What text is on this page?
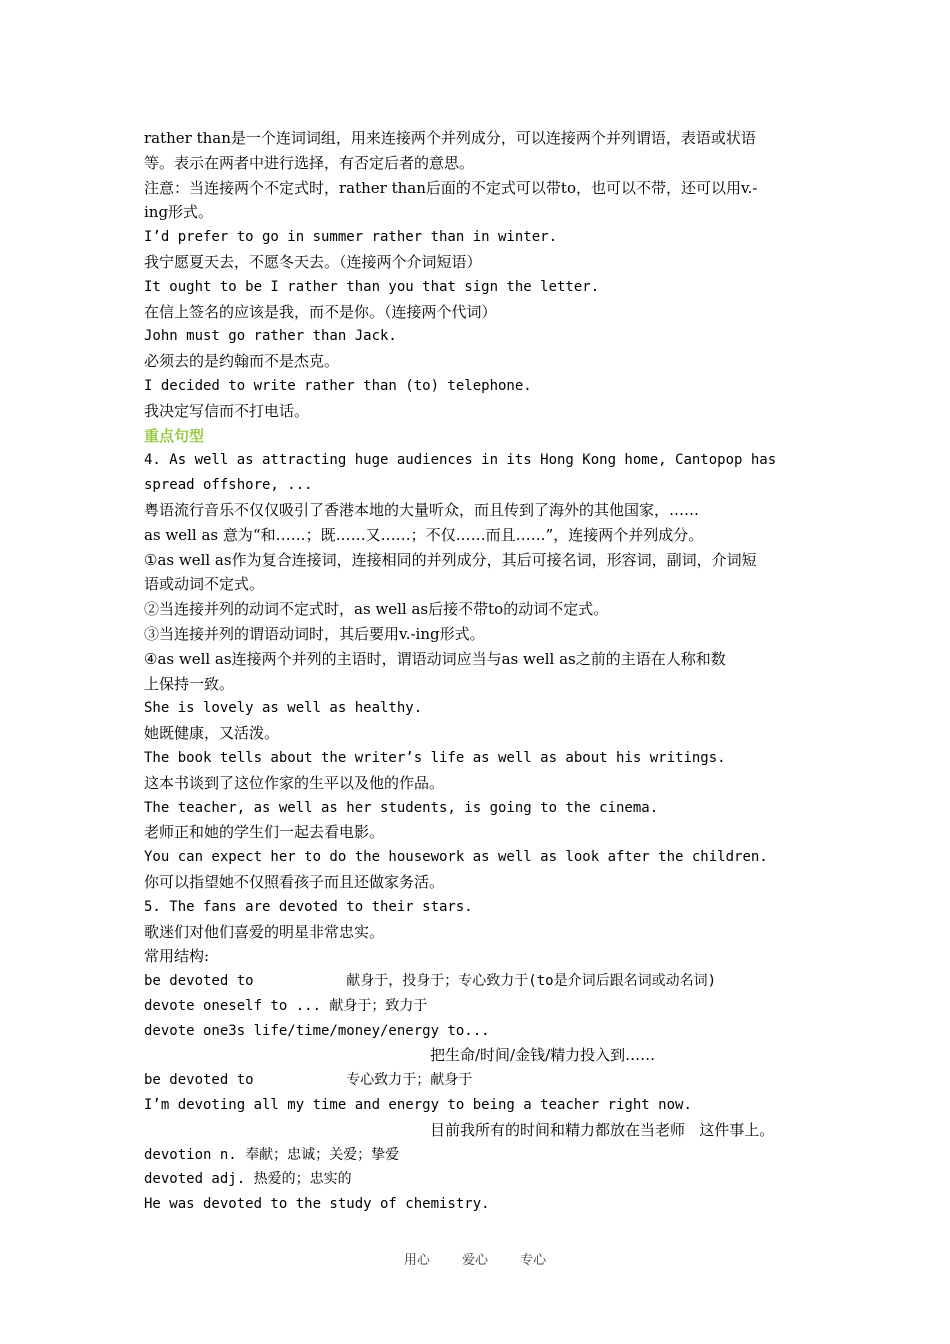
rather than是一个连词词组，用来连接两个并列成分，可以连接两个并列谓语，表语或状语
等。表示在两者中进行选择，有否定后者的意思。
注意：当连接两个不定式时，rather than后面的不定式可以带to，也可以不带，还可以用v.-
ing形式。
I’d prefer to go in summer rather than in winter.
我宁愿夏天去，不愿冬天去。（连接两个介词短语）
It ought to be I rather than you that sign the letter.
在信上签名的应该是我，而不是你。（连接两个代词）
John must go rather than Jack.
必须去的是约翰而不是杰克。
I decided to write rather than (to) telephone.
我决定写信而不打电话。
重点句型
4. As well as attracting huge audiences in its Hong Kong home, Cantopop has
spread offshore, ...
粤语流行音乐不仅仅吸引了香港本地的大量听众，而且传到了海外的其他国家，……
as well as 意为“和……；既……又……；不仅……而且……”，连接两个并列成分。
①as well as作为复合连接词，连接相同的并列成分，其后可接名词，形容词，副词，介词短
语或动词不定式。
②当连接并列的动词不定式时，as well as后接不带to的动词不定式。
③当连接并列的谓语动词时，其后要用v.-ing形式。
④as well as连接两个并列的主语时，谓语动词应当与as well as之前的主语在人称和数
上保持一致。
She is lovely as well as healthy.
她既健康，又活泼。
The book tells about the writer’s life as well as about his writings.
这本书谈到了这位作家的生平以及他的作品。
The teacher, as well as her students, is going to the cinema.
老师正和她的学生们一起去看电影。
You can expect her to do the housework as well as look after the children.
你可以指望她不仅照看孩子而且还做家务活。
5. The fans are devoted to their stars.
歌迷们对他们喜爱的明星非常忠实。
常用结构:
be devoted to           献身于，投身于；专心致力于(to是介词后跟名词或动名词)
devote oneself to ... 献身于；致力于
devote one3s life/time/money/energy to...
把生命/时间/金钱/精力投入到……
be devoted to           专心致力于；献身于
I’m devoting all my time and energy to being a teacher right now.
目前我所有的时间和精力都放在当老师   这件事上。
devotion n. 奉献；忠诚；关爱；挚爱
devoted adj. 热爱的；忠实的
He was devoted to the study of chemistry.
用心 爱心 专心
